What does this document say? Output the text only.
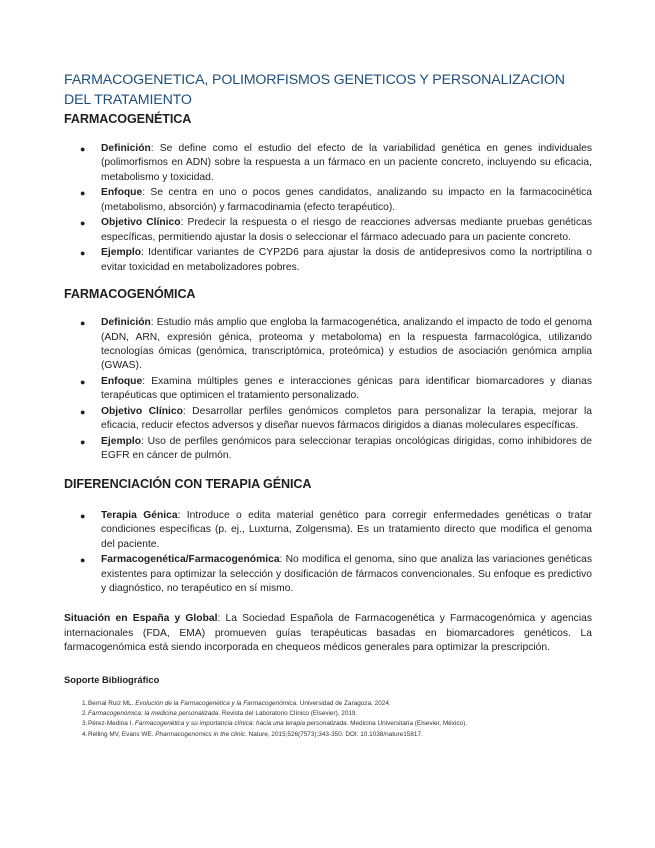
FARMACOGENETICA, POLIMORFISMOS GENETICOS Y PERSONALIZACION DEL TRATAMIENTO
FARMACOGENÉTICA
● Definición: Se define como el estudio del efecto de la variabilidad genética en genes individuales (polimorfismos en ADN) sobre la respuesta a un fármaco en un paciente concreto, incluyendo su eficacia, metabolismo y toxicidad.
● Enfoque: Se centra en uno o pocos genes candidatos, analizando su impacto en la farmacocinética (metabolismo, absorción) y farmacodinamia (efecto terapéutico).
● Objetivo Clínico: Predecir la respuesta o el riesgo de reacciones adversas mediante pruebas genéticas específicas, permitiendo ajustar la dosis o seleccionar el fármaco adecuado para un paciente concreto.
● Ejemplo: Identificar variantes de CYP2D6 para ajustar la dosis de antidepresivos como la nortriptilina o evitar toxicidad en metabolizadores pobres.
FARMACOGENÓMICA
● Definición: Estudio más amplio que engloba la farmacogenética, analizando el impacto de todo el genoma (ADN, ARN, expresión génica, proteoma y metaboloma) en la respuesta farmacológica, utilizando tecnologías ómicas (genómica, transcriptómica, proteómica) y estudios de asociación genómica amplia (GWAS).
● Enfoque: Examina múltiples genes e interacciones génicas para identificar biomarcadores y dianas terapéuticas que optimicen el tratamiento personalizado.
● Objetivo Clínico: Desarrollar perfiles genómicos completos para personalizar la terapia, mejorar la eficacia, reducir efectos adversos y diseñar nuevos fármacos dirigidos a dianas moleculares específicas.
● Ejemplo: Uso de perfiles genómicos para seleccionar terapias oncológicas dirigidas, como inhibidores de EGFR en cáncer de pulmón.
DIFERENCIACIÓN CON TERAPIA GÉNICA
● Terapia Génica: Introduce o edita material genético para corregir enfermedades genéticas o tratar condiciones específicas (p. ej., Luxturna, Zolgensma). Es un tratamiento directo que modifica el genoma del paciente.
● Farmacogenética/Farmacogenómica: No modifica el genoma, sino que analiza las variaciones genéticas existentes para optimizar la selección y dosificación de fármacos convencionales. Su enfoque es predictivo y diagnóstico, no terapéutico en sí mismo.

Situación en España y Global: La Sociedad Española de Farmacogenética y Farmacogenómica y agencias internacionales (FDA, EMA) promueven guías terapéuticas basadas en biomarcadores genéticos. La farmacogenómica está siendo incorporada en chequeos médicos generales para optimizar la prescripción.

Soporte Bibliográfico
1. Bernal Ruiz ML. Evolución de la Farmacogenética y la Farmacogenómica. Universidad de Zaragoza, 2024.
2. Farmacogenómica: la medicina personalizada. Revista del Laboratorio Clínico (Elsevier), 2019.
3. Pérez-Medina I. Farmacogenética y su importancia clínica: hacia una terapia personalizada. Medicina Universitaria (Elsevier, México).
4. Relling MV, Evans WE. Pharmacogenomics in the clinic. Nature, 2015;526(7573):343-350. DOI: 10.1038/nature15817.
